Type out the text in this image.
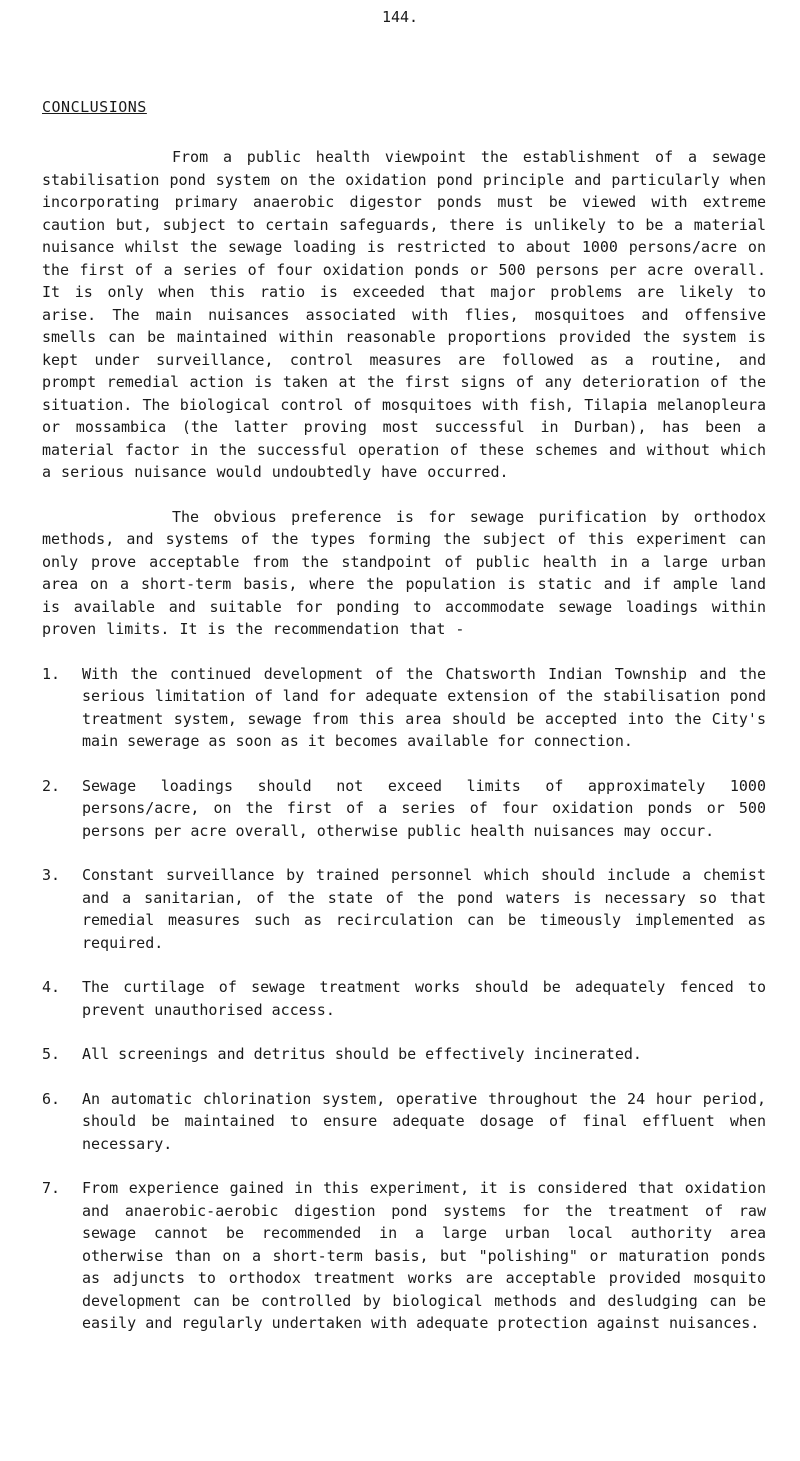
144.
CONCLUSIONS

From a public health viewpoint the establishment of a sewage stabilisation pond system on the oxidation pond principle and particularly when incorporating primary anaerobic digestor ponds must be viewed with extreme caution but, subject to certain safeguards, there is unlikely to be a material nuisance whilst the sewage loading is restricted to about 1000 persons/acre on the first of a series of four oxidation ponds or 500 persons per acre overall. It is only when this ratio is exceeded that major problems are likely to arise. The main nuisances associated with flies, mosquitoes and offensive smells can be maintained within reasonable proportions provided the system is kept under surveillance, control measures are followed as a routine, and prompt remedial action is taken at the first signs of any deterioration of the situation. The biological control of mosquitoes with fish, Tilapia melanopleura or mossambica (the latter proving most successful in Durban), has been a material factor in the successful operation of these schemes and without which a serious nuisance would undoubtedly have occurred.

The obvious preference is for sewage purification by orthodox methods, and systems of the types forming the subject of this experiment can only prove acceptable from the standpoint of public health in a large urban area on a short-term basis, where the population is static and if ample land is available and suitable for ponding to accommodate sewage loadings within proven limits. It is the recommendation that -

1. With the continued development of the Chatsworth Indian Township and the serious limitation of land for adequate extension of the stabilisation pond treatment system, sewage from this area should be accepted into the City's main sewerage as soon as it becomes available for connection.
2. Sewage loadings should not exceed limits of approximately 1000 persons/acre, on the first of a series of four oxidation ponds or 500 persons per acre overall, otherwise public health nuisances may occur.
3. Constant surveillance by trained personnel which should include a chemist and a sanitarian, of the state of the pond waters is necessary so that remedial measures such as recirculation can be timeously implemented as required.
4. The curtilage of sewage treatment works should be adequately fenced to prevent unauthorised access.
5. All screenings and detritus should be effectively incinerated.
6. An automatic chlorination system, operative throughout the 24 hour period, should be maintained to ensure adequate dosage of final effluent when necessary.
7. From experience gained in this experiment, it is considered that oxidation and anaerobic-aerobic digestion pond systems for the treatment of raw sewage cannot be recommended in a large urban local authority area otherwise than on a short-term basis, but "polishing" or maturation ponds as adjuncts to orthodox treatment works are acceptable provided mosquito development can be controlled by biological methods and desludging can be easily and regularly undertaken with adequate protection against nuisances.
